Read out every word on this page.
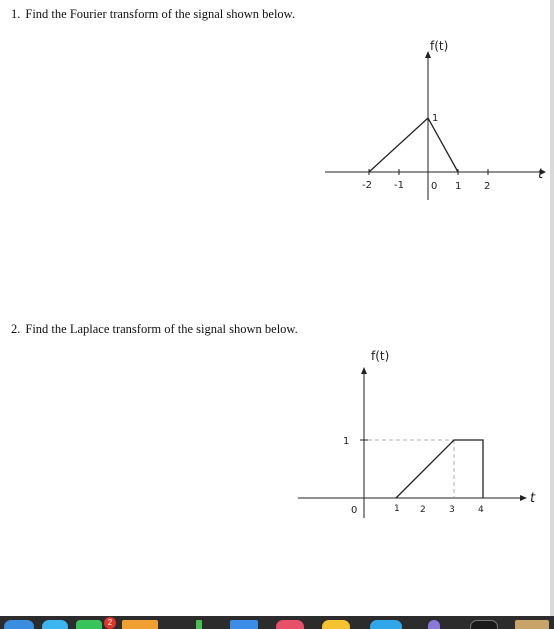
1. Find the Fourier transform of the signal shown below.
f(t)
t
1
-2 -1	0 1 2
2. Find the Laplace transform of the signal shown below.
f(t)
t
1
0	1 2	3	4
2
